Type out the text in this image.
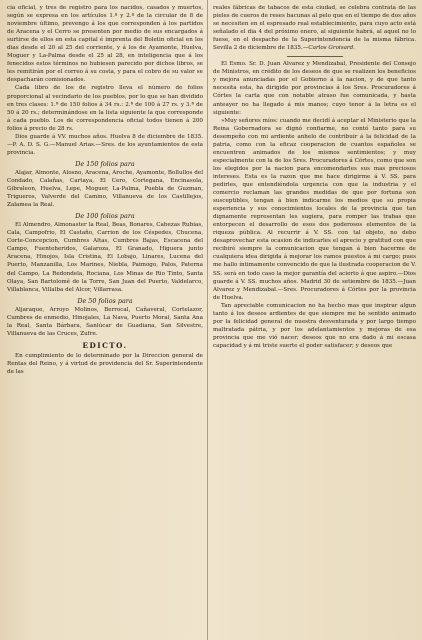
cia oficial, y tres de registro para los nacidos, casados y muertos, según se expresa en los artículos 1.º y 2.º de la circular de 8 de noviembre último, prevengo á los que corresponden á los partidos de Aracena y el Cerro se presenten por medio de sus encargados á surtirse de ellos en esta capital é imprenta del Boletin oficial en los dias desde el 20 al 25 del corriente, y á los de Ayamonte, Huelva, Moguer y La-Palma desde el 25 al 28, en inteligencia que á los fenecidos estos términos no hubiesen parecido por dichos libros, se les remitirán por el correo á su costa, y para el cobro de su valor se despacharán comisionados.

Cada libro de los de registro lleva el número de folios proporcional al vecindario de los pueblos, por lo que se han dividido en tres clases: 1.ª de 150 folios á 34 rs.: 2.ª de 100 á 27 rs. y 3.ª de 50 á 20 rs.; determinándose en la lista siguiente la que corresponde á cada pueblo. Los de correspondencia oficial todos tienen á 200 folios á precio de 28 rs.

Dios guarde á VV. muchos años. Huelva 8 de diciembre de 1835.—P. A. D. S. G.—Manuel Arias.—Sres. de los ayuntamientos de esta provincia.

De 150 folios para

Alajar, Almonte, Alosno, Aracena, Aroche, Ayamonte, Bollullos del Condado, Calañas, Cartaya, El Cero, Cortegana, Encinasola, Gibraleon, Huelva, Lepe, Moguer, La-Palma, Puebla de Guzman, Trigueros, Valverde del Camino, Villanueva de los Castillejos, Zalamea la Real.

De 100 folios para

El Almendro, Almonaster la Real, Beas, Bonares, Cabezas Rubias, Cala, Campofrio, El Castaño, Carrion de los Céspedes, Chucena, Corte-Concepcion, Cumbres Altas, Cumbres Bajas, Escacena del Campo, Fuenteheridos, Galaroza, El Granado, Higuera junto Aracena, Hinojos, Isla Cristina, El Lobajo, Linares, Lucena del Puerto, Manzanilla, Los Marines, Niebla, Paimogo, Palos, Paterna del Campo, La Redondela, Rociana, Los Minas de Rio Tinto, Santa Olaya, San Bartolomé de la Torre, San Juan del Puerto, Valdelarco, Villablanca, Villalba del Alcor, Villarrasa.

De 50 folios para

Aljaraque, Arroyo Molinos, Berrocal, Cañaveral, Cortelazor, Cumbres de enmedio, Hinojales, La Nava, Puerto Moral, Santa Ana la Real, Santa Bárbara, Sanlúcar de Guadiana, San Silvestre, Villanueva de las Cruces, Zufre.

EDICTO.

En cumplimiento de lo determinado por la Direccion general de Rentas del Reino, y á virtud de providencia del Sr. Superintendente de las

reales fábricas de tabacos de esta ciudad, se celebra contrata de las pieles de cueros de reses bacunas al pelo que en el tiempo de dos años se necesiten en el espresado real establecimiento, para cuyo acto está señalado el dia 4 del próximo enero, al siguiente habrá, al aquel no lo fuese, en el despacho de la Superintendencia de la misma fábrica. Sevilla 2 de diciembre de 1835.—Carlos Groisard.

El Esmo. Sr. D. Juan Alvarez y Mendizabal, Presidente del Consejo de Ministros, en crédito de los deseos de que se realizen los beneficios y mejora anunciadas por el Gobierno á la nacion, y de que tanto necesita esta, ha dirigido por provincias á los Sres. Procuradores á Córtes la carta que con notable atraso fue comunicada, y hasta anteayer no ha llegado á mis manos; cuyo tenor á la letra es el siguiente:

»Muy señores míos: cuando me decidí á aceptar el Ministerio que la Reina Gobernadora se dignó confiarme, no contó tanto para su desempeño con mi ardiente anhelo de contribuir á la felicidad de la patria, como con la eficaz cooperacion de cuantos españoles se encuentren animados de los mismos sentimientos; y muy especialmente con la de los Sres. Procuradores á Córtes, como que son los elegidos por la nacion para encomendarles sus mas preciosos intereses. Esta es la razon que me hace dirigirme á V. SS. para pedirles, que entendiéndola urgencia con que la industria y el comercio reclaman las grandes medidas de que por fortuna son susceptibles, tengan á bien indicarme los medios que su propia esperiencia y sus conocimientos locales de la provincia que tan dignamente representan les sugiera, para romper las trabas que entorpecen el desarrollo de esos dos poderosos elementos de la riqueza pública. Al recurrir á V. SS. con tal objeto, no debo desaprovechar esta ocasion de indicarles el aprecio y gratitud con que recibiré siempre la comunicacion que tengan á bien hacerme de cualquiera idea dirigida á mejorar los ramos puestos á mi cargo; pues me hallo íntimamente convencido de que la ilustrada cooperacion de V. SS. será en todo caso la mejor garantía del acierto á que aspiro.—Dios guarde á V. SS. muchos años. Madrid 30 de setiembre de 1835.—Juan Alvarez y Mendizabal.—Sres. Procuradores á Córtes por la provincia de Huelva.

Tan apreciable comunicacion no ha hecho mas que inspirar algun tanto á los deseos ardientes de que siempre me he sentido animado por la felicidad general de nuestra desventurada y por largo tiempo maltratada pátria, y por los adelantamientos y mejoras de esa provincia que me vió nacer; deseos que no era dado á mi escasa capacidad y á mi triste suerte el poder satisfacer; y deseos que
